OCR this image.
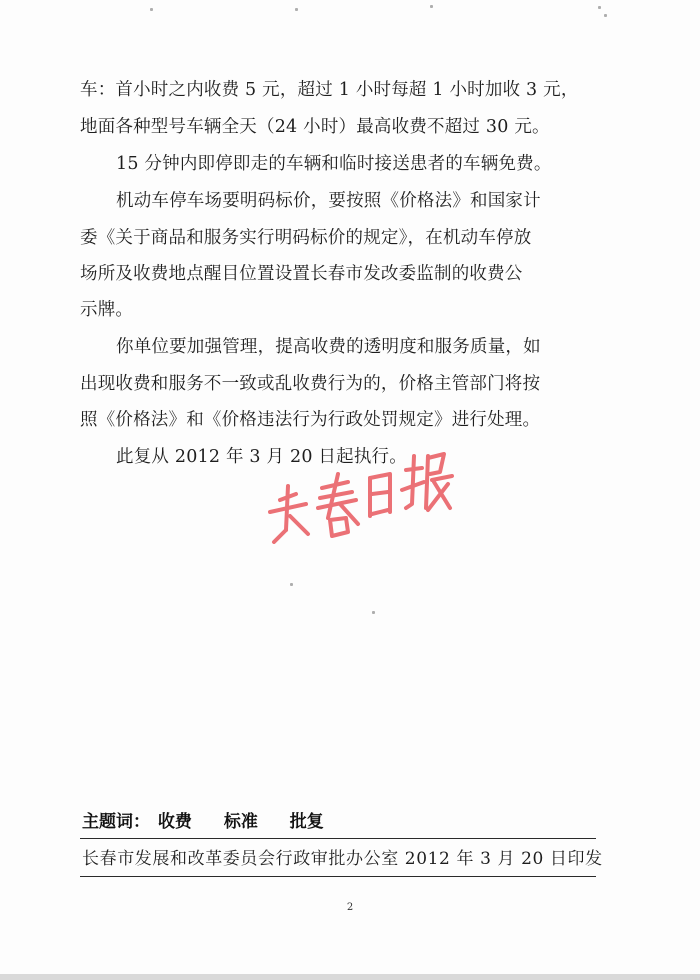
车：首小时之内收费 5 元，超过 1 小时每超 1 小时加收 3 元，
地面各种型号车辆全天（24 小时）最高收费不超过 30 元。
15 分钟内即停即走的车辆和临时接送患者的车辆免费。
机动车停车场要明码标价，要按照《价格法》和国家计
委《关于商品和服务实行明码标价的规定》，在机动车停放
场所及收费地点醒目位置设置长春市发改委监制的收费公
示牌。
你单位要加强管理，提高收费的透明度和服务质量，如
出现收费和服务不一致或乱收费行为的，价格主管部门将按
照《价格法》和《价格违法行为行政处罚规定》进行处理。
此复从 2012 年 3 月 20 日起执行。
主题词： 收费 标准 批复
长春市发展和改革委员会行政审批办公室 2012 年 3 月 20 日印发
2
